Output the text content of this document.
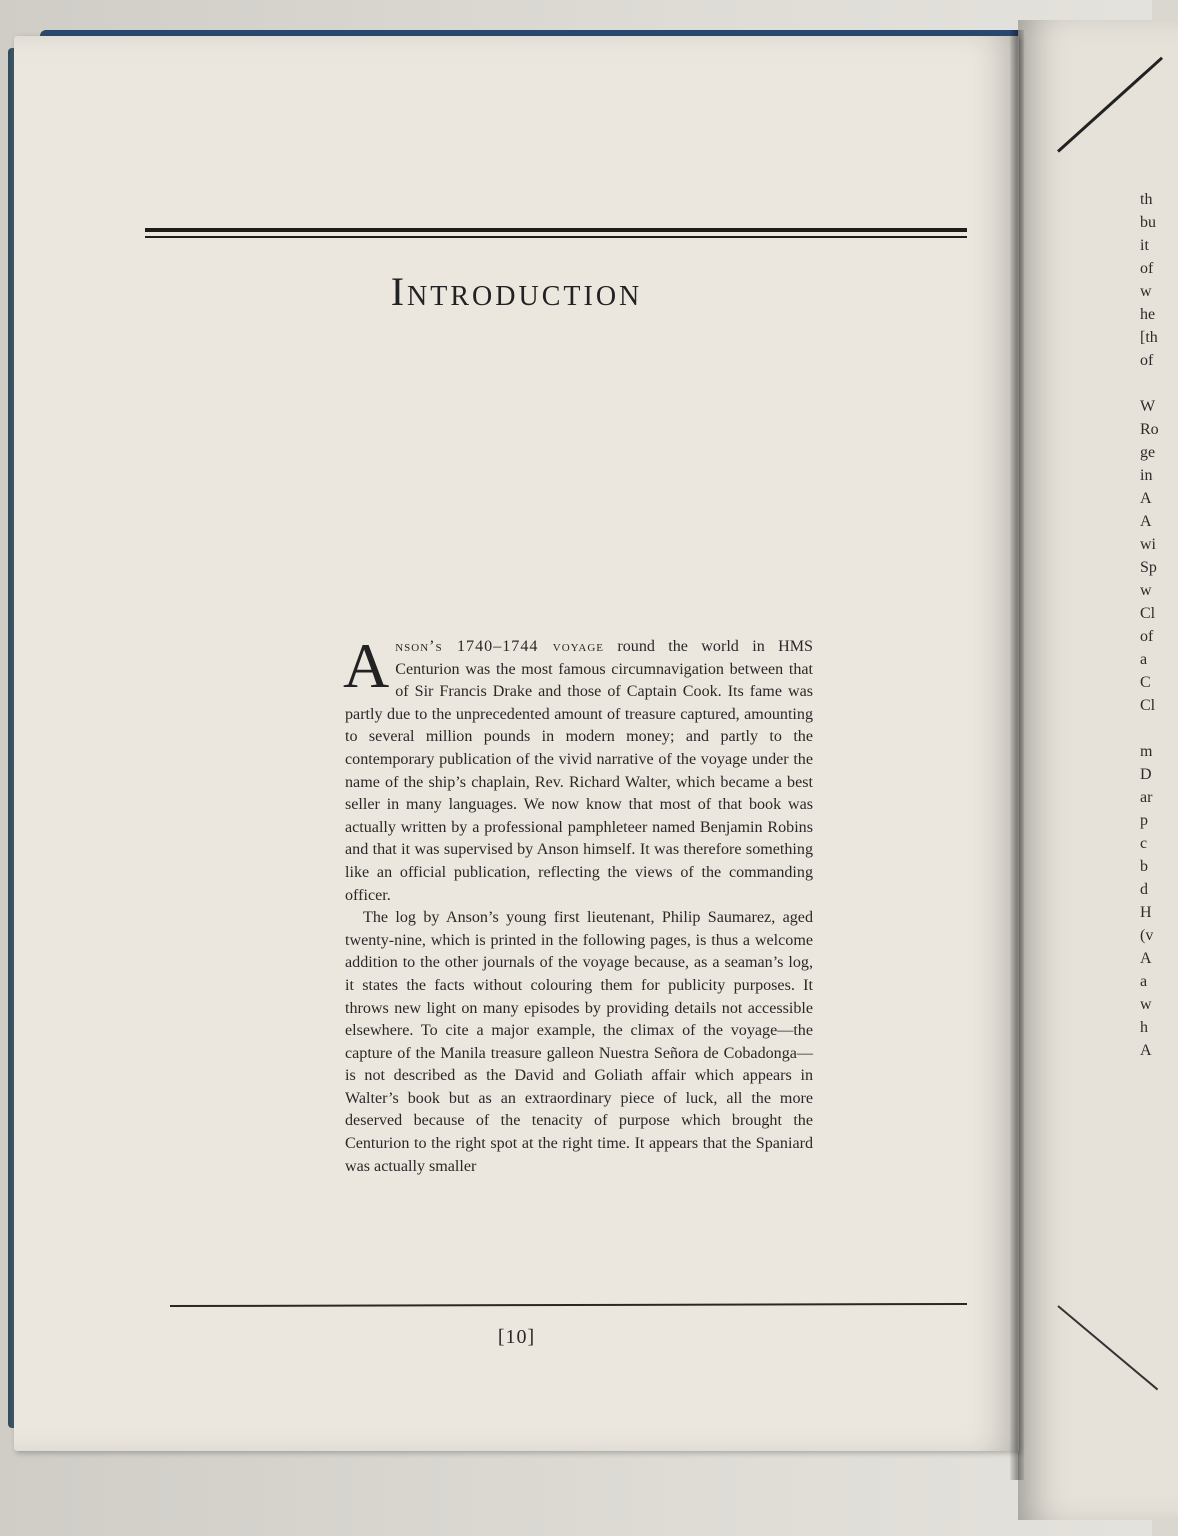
th
bu
it
of
w
he
[th
of
W
Ro
ge
in
A
A
wi
Sp
w
Cl
of
a
C
Cl
m
D
ar
p
c
b
d
H
(v
A
a
w
h
A
Introduction

Anson’s 1740–1744 voyage round the world in HMS Centurion was the most famous circumnavigation between that of Sir Francis Drake and those of Captain Cook. Its fame was partly due to the unprecedented amount of treasure captured, amounting to several million pounds in modern money; and partly to the contemporary publication of the vivid narrative of the voyage under the name of the ship’s chaplain, Rev. Richard Walter, which became a best seller in many languages. We now know that most of that book was actually written by a professional pamphleteer named Benjamin Robins and that it was supervised by Anson himself. It was therefore something like an official publication, reflecting the views of the commanding officer.

The log by Anson’s young first lieutenant, Philip Saumarez, aged twenty-nine, which is printed in the following pages, is thus a welcome addition to the other journals of the voyage because, as a seaman’s log, it states the facts without colouring them for publicity purposes. It throws new light on many episodes by providing details not accessible elsewhere. To cite a major example, the climax of the voyage—the capture of the Manila treasure galleon Nuestra Señora de Cobadonga—is not described as the David and Goliath affair which appears in Walter’s book but as an extraordinary piece of luck, all the more deserved because of the tenacity of purpose which brought the Centurion to the right spot at the right time. It appears that the Spaniard was actually smaller

[10]
